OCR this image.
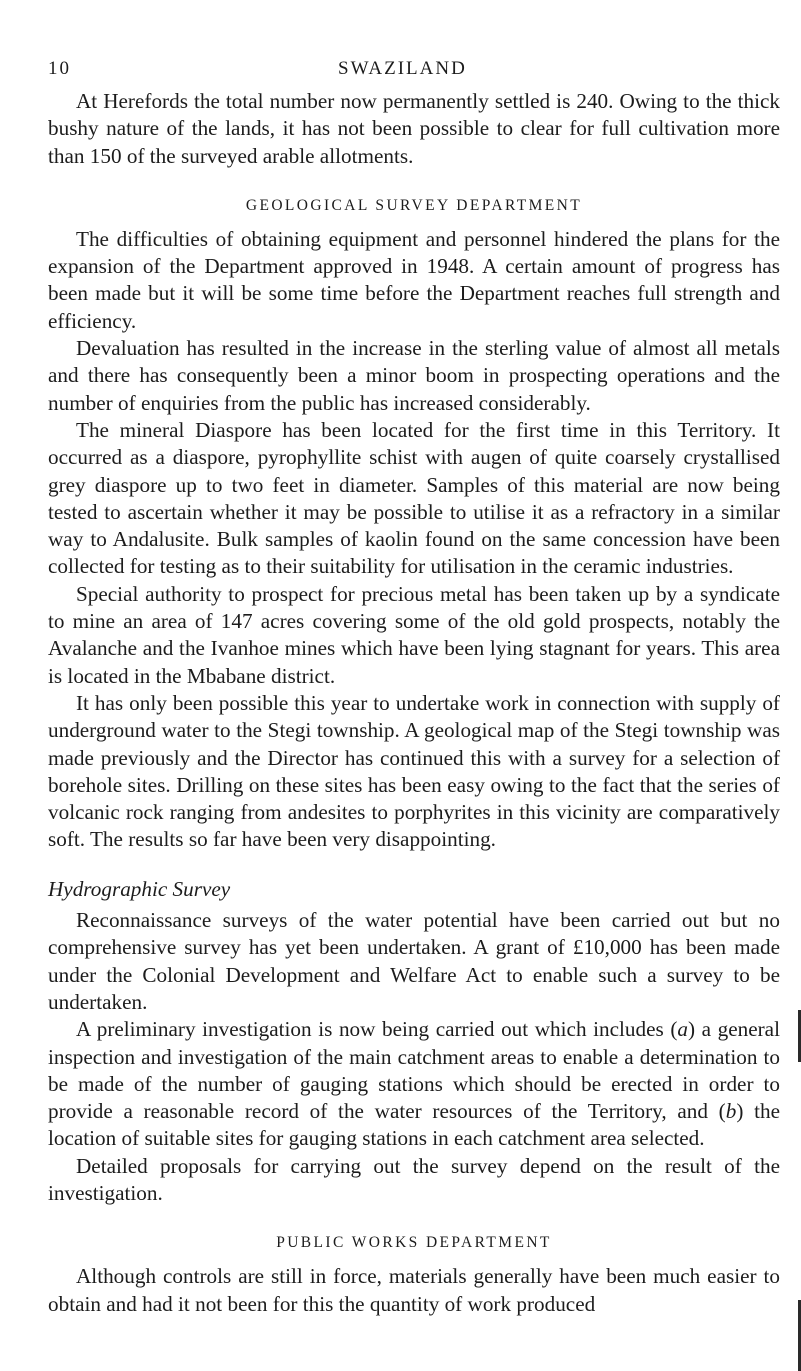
10	SWAZILAND

At Herefords the total number now permanently settled is 240. Owing to the thick bushy nature of the lands, it has not been possible to clear for full cultivation more than 150 of the surveyed arable allotments.

GEOLOGICAL SURVEY DEPARTMENT

The difficulties of obtaining equipment and personnel hindered the plans for the expansion of the Department approved in 1948. A certain amount of progress has been made but it will be some time before the Department reaches full strength and efficiency.

Devaluation has resulted in the increase in the sterling value of almost all metals and there has consequently been a minor boom in prospecting operations and the number of enquiries from the public has increased considerably.

The mineral Diaspore has been located for the first time in this Territory. It occurred as a diaspore, pyrophyllite schist with augen of quite coarsely crystallised grey diaspore up to two feet in diameter. Samples of this material are now being tested to ascertain whether it may be possible to utilise it as a refractory in a similar way to Andalusite. Bulk samples of kaolin found on the same concession have been collected for testing as to their suitability for utilisation in the ceramic industries.

Special authority to prospect for precious metal has been taken up by a syndicate to mine an area of 147 acres covering some of the old gold prospects, notably the Avalanche and the Ivanhoe mines which have been lying stagnant for years. This area is located in the Mbabane district.

It has only been possible this year to undertake work in connection with supply of underground water to the Stegi township. A geological map of the Stegi township was made previously and the Director has continued this with a survey for a selection of borehole sites. Drilling on these sites has been easy owing to the fact that the series of volcanic rock ranging from andesites to porphyrites in this vicinity are comparatively soft. The results so far have been very disappointing.

Hydrographic Survey

Reconnaissance surveys of the water potential have been carried out but no comprehensive survey has yet been undertaken. A grant of £10,000 has been made under the Colonial Development and Welfare Act to enable such a survey to be undertaken.

A preliminary investigation is now being carried out which includes (a) a general inspection and investigation of the main catchment areas to enable a determination to be made of the number of gauging stations which should be erected in order to provide a reasonable record of the water resources of the Territory, and (b) the location of suitable sites for gauging stations in each catchment area selected.

Detailed proposals for carrying out the survey depend on the result of the investigation.

PUBLIC WORKS DEPARTMENT

Although controls are still in force, materials generally have been much easier to obtain and had it not been for this the quantity of work produced
